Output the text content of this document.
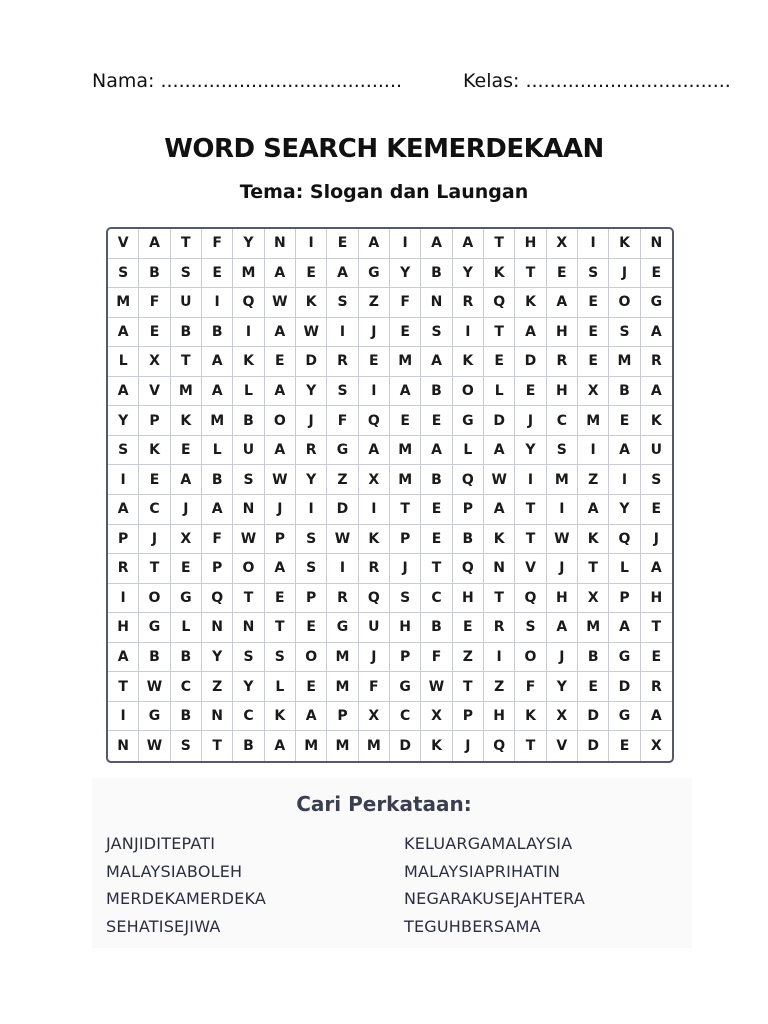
Nama: ........................................	Kelas: ..................................
WORD SEARCH KEMERDEKAAN
Tema: Slogan dan Laungan
V	A	T	F	Y	N	I	E	A	I	A	A	T	H	X	I	K	N
S	B	S	E	M	A	E	A	G	Y	B	Y	K	T	E	S	J	E
M	F	U	I	Q	W	K	S	Z	F	N	R	Q	K	A	E	O	G
A	E	B	B	I	A	W	I	J	E	S	I	T	A	H	E	S	A
L	X	T	A	K	E	D	R	E	M	A	K	E	D	R	E	M	R
A	V	M	A	L	A	Y	S	I	A	B	O	L	E	H	X	B	A
Y	P	K	M	B	O	J	F	Q	E	E	G	D	J	C	M	E	K
S	K	E	L	U	A	R	G	A	M	A	L	A	Y	S	I	A	U
I	E	A	B	S	W	Y	Z	X	M	B	Q	W	I	M	Z	I	S
A	C	J	A	N	J	I	D	I	T	E	P	A	T	I	A	Y	E
P	J	X	F	W	P	S	W	K	P	E	B	K	T	W	K	Q	J
R	T	E	P	O	A	S	I	R	J	T	Q	N	V	J	T	L	A
I	O	G	Q	T	E	P	R	Q	S	C	H	T	Q	H	X	P	H
H	G	L	N	N	T	E	G	U	H	B	E	R	S	A	M	A	T
A	B	B	Y	S	S	O	M	J	P	F	Z	I	O	J	B	G	E
T	W	C	Z	Y	L	E	M	F	G	W	T	Z	F	Y	E	D	R
I	G	B	N	C	K	A	P	X	C	X	P	H	K	X	D	G	A
N	W	S	T	B	A	M	M	M	D	K	J	Q	T	V	D	E	X
Cari Perkataan:
JANJIDITEPATI
MALAYSIABOLEH
MERDEKAMERDEKA
SEHATISEJIWA
KELUARGAMALAYSIA
MALAYSIAPRIHATIN
NEGARAKUSEJAHTERA
TEGUHBERSAMA
